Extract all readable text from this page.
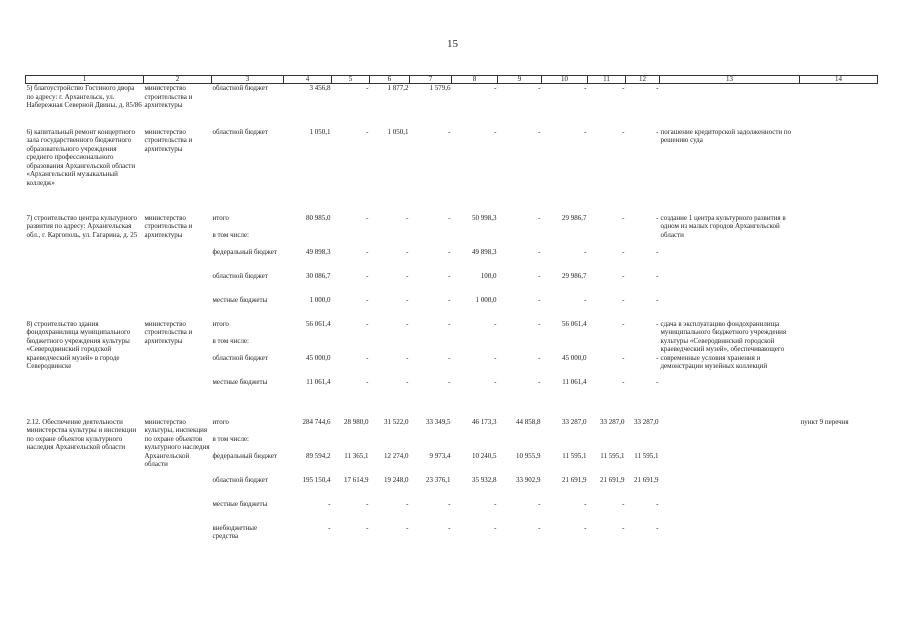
15
1	2	3	4	5	6	7	8	9	10	11	12	13	14
5) благоустройство Гостиного двора по адресу: г. Архангельск, ул. Набережная Северной Двины, д. 85/86	министерство строительства и архитектуры	областной бюджет	3 456,8	-	1 877,2	1 579,6	-	-	-	-	-		
6) капитальный ремонт концертного зала государственного бюджетного образовательного учреждения среднего профессионального образования Архангельской области «Архангельский музыкальный колледж»	министерство строительства и архитектуры	областной бюджет	1 050,1	-	1 050,1	-	-	-	-	-	-	погашение кредиторской задолженности по решению суда	
7) строительство центра культурного развития по адресу: Архангельская обл., г. Каргополь, ул. Гагарина, д. 25	министерство строительства и архитектуры	итого	80 985,0	-	-	-	50 998,3	-	29 986,7	-	-	создание 1 центра культурного развития в одном из малых городов Архангельской области	
		в том числе:											
		федеральный бюджет	49 898,3	-	-	-	49 898,3	-	-	-	-		
		областной бюджет	30 086,7	-	-	-	100,0	-	29 986,7	-	-		
		местные бюджеты	1 000,0	-	-	-	1 000,0	-	-	-	-		
8) строительство здания фондохранилища муниципального бюджетного учреждения культуры «Северодвинский городской краеведческий музей» в городе Северодвинске	министерство строительства и архитектуры	итого	56 061,4	-	-	-	-	-	56 061,4	-	-	сдача в эксплуатацию фондохранилища муниципального бюджетного учреждения культуры «Северодвинский городской краеведческий музей», обеспечивающего современные условия хранения и демонстрации музейных коллекций	
		в том числе:											
		областной бюджет	45 000,0	-	-	-	-	-	45 000,0	-	-		
		местные бюджеты	11 061,4	-	-	-	-	-	11 061,4	-	-		
2.12. Обеспечение деятельности министерства культуры и инспекции по охране объектов культурного наследия Архангельской области	министерство культуры, инспекция по охране объектов культурного наследия Архангельской области	итого	284 744,6	28 980,0	31 522,0	33 349,5	46 173,3	44 858,8	33 287,0	33 287,0	33 287,0		пункт 9 перечня
		в том числе:											
		федеральный бюджет	89 594,2	11 365,1	12 274,0	9 973,4	10 240,5	10 955,9	11 595,1	11 595,1	11 595,1		
		областной бюджет	195 150,4	17 614,9	19 248,0	23 376,1	35 932,8	33 902,9	21 691,9	21 691,9	21 691,9		
		местные бюджеты	-	-	-	-	-	-	-	-	-		
		внебюджетные средства	-	-	-	-	-	-	-	-	-		
